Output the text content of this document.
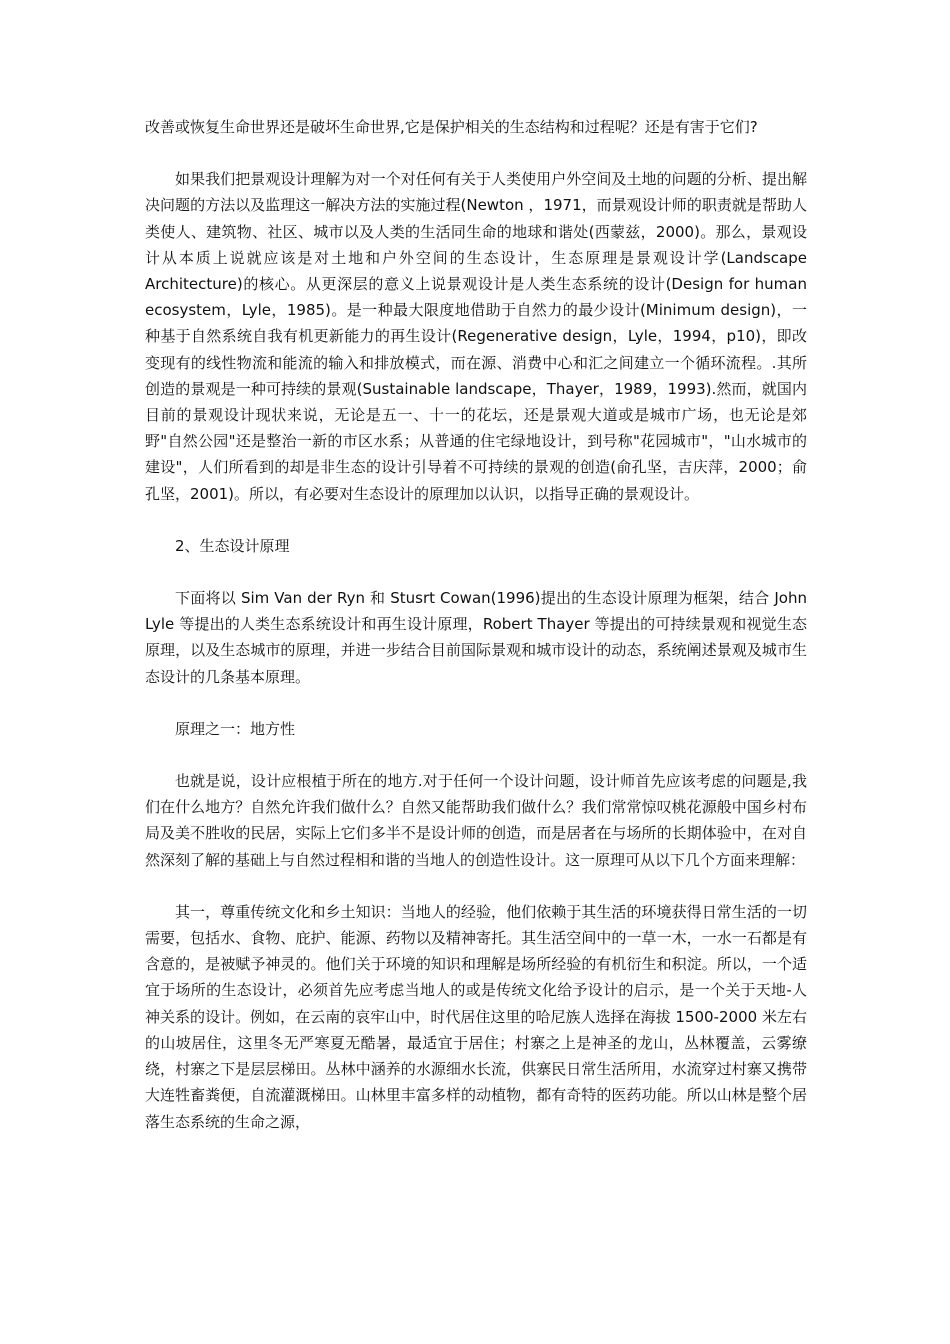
改善或恢复生命世界还是破坏生命世界,它是保护相关的生态结构和过程呢？还是有害于它们?

如果我们把景观设计理解为对一个对任何有关于人类使用户外空间及土地的问题的分析、提出解决问题的方法以及监理这一解决方法的实施过程(Newton ，1971，而景观设计师的职责就是帮助人类使人、建筑物、社区、城市以及人类的生活同生命的地球和谐处(西蒙兹，2000)。那么，景观设计从本质上说就应该是对土地和户外空间的生态设计，生态原理是景观设计学(Landscape Architecture)的核心。从更深层的意义上说景观设计是人类生态系统的设计(Design for human ecosystem，Lyle，1985)。是一种最大限度地借助于自然力的最少设计(Minimum design)，一种基于自然系统自我有机更新能力的再生设计(Regenerative design，Lyle，1994，p10)，即改变现有的线性物流和能流的输入和排放模式，而在源、消费中心和汇之间建立一个循环流程。.其所创造的景观是一种可持续的景观(Sustainable landscape，Thayer，1989，1993).然而，就国内目前的景观设计现状来说，无论是五一、十一的花坛，还是景观大道或是城市广场，也无论是郊野"自然公园"还是整治一新的市区水系；从普通的住宅绿地设计，到号称"花园城市"，"山水城市的建设"，人们所看到的却是非生态的设计引导着不可持续的景观的创造(俞孔坚，吉庆萍，2000；俞孔坚，2001)。所以，有必要对生态设计的原理加以认识，以指导正确的景观设计。

2、生态设计原理

下面将以 Sim Van der Ryn 和 Stusrt Cowan(1996)提出的生态设计原理为框架，结合 John Lyle 等提出的人类生态系统设计和再生设计原理，Robert Thayer 等提出的可持续景观和视觉生态原理，以及生态城市的原理，并进一步结合目前国际景观和城市设计的动态，系统阐述景观及城市生态设计的几条基本原理。

原理之一：地方性

也就是说，设计应根植于所在的地方.对于任何一个设计问题，设计师首先应该考虑的问题是,我们在什么地方？自然允许我们做什么？自然又能帮助我们做什么？我们常常惊叹桃花源般中国乡村布局及美不胜收的民居，实际上它们多半不是设计师的创造，而是居者在与场所的长期体验中，在对自然深刻了解的基础上与自然过程相和谐的当地人的创造性设计。这一原理可从以下几个方面来理解：

其一，尊重传统文化和乡土知识：当地人的经验，他们依赖于其生活的环境获得日常生活的一切需要，包括水、食物、庇护、能源、药物以及精神寄托。其生活空间中的一草一木，一水一石都是有含意的，是被赋予神灵的。他们关于环境的知识和理解是场所经验的有机衍生和积淀。所以，一个适宜于场所的生态设计，必须首先应考虑当地人的或是传统文化给予设计的启示，是一个关于天地-人神关系的设计。例如，在云南的哀牢山中，时代居住这里的哈尼族人选择在海拔 1500-2000 米左右的山坡居住，这里冬无严寒夏无酷暑，最适宜于居住；村寨之上是神圣的龙山，丛林覆盖，云雾缭绕，村寨之下是层层梯田。丛林中涵养的水源细水长流，供寨民日常生活所用，水流穿过村寨又携带大连牲畜粪便，自流灌溉梯田。山林里丰富多样的动植物，都有奇特的医药功能。所以山林是整个居落生态系统的生命之源，
